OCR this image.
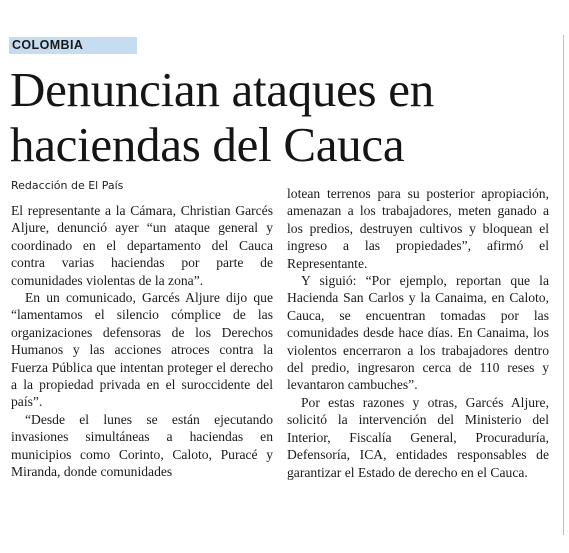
COLOMBIA
Denuncian ataques en haciendas del Cauca
Redacción de El País

El representante a la Cámara, Christian Garcés Aljure, denunció ayer “un ataque general y coordinado en el departamento del Cauca contra varias haciendas por parte de comunidades violentas de la zona”.

En un comunicado, Garcés Aljure dijo que “lamentamos el silencio cómplice de las organizaciones defensoras de los Derechos Humanos y las acciones atroces contra la Fuerza Pública que intentan proteger el derecho a la propiedad privada en el suroccidente del país”.

“Desde el lunes se están ejecutando invasiones simultáneas a haciendas en municipios como Corinto, Caloto, Puracé y Miranda, donde comunidades

lotean terrenos para su posterior apropiación, amenazan a los trabajadores, meten ganado a los predios, destruyen cultivos y bloquean el ingreso a las propiedades”, afirmó el Representante.

Y siguió: “Por ejemplo, reportan que la Hacienda San Carlos y la Canaima, en Caloto, Cauca, se encuentran tomadas por las comunidades desde hace días. En Canaima, los violentos encerraron a los trabajadores dentro del predio, ingresaron cerca de 110 reses y levantaron cambuches”.

Por estas razones y otras, Garcés Aljure, solicitó la intervención del Ministerio del Interior, Fiscalía General, Procuraduría, Defensoría, ICA, entidades responsables de garantizar el Estado de derecho en el Cauca.
